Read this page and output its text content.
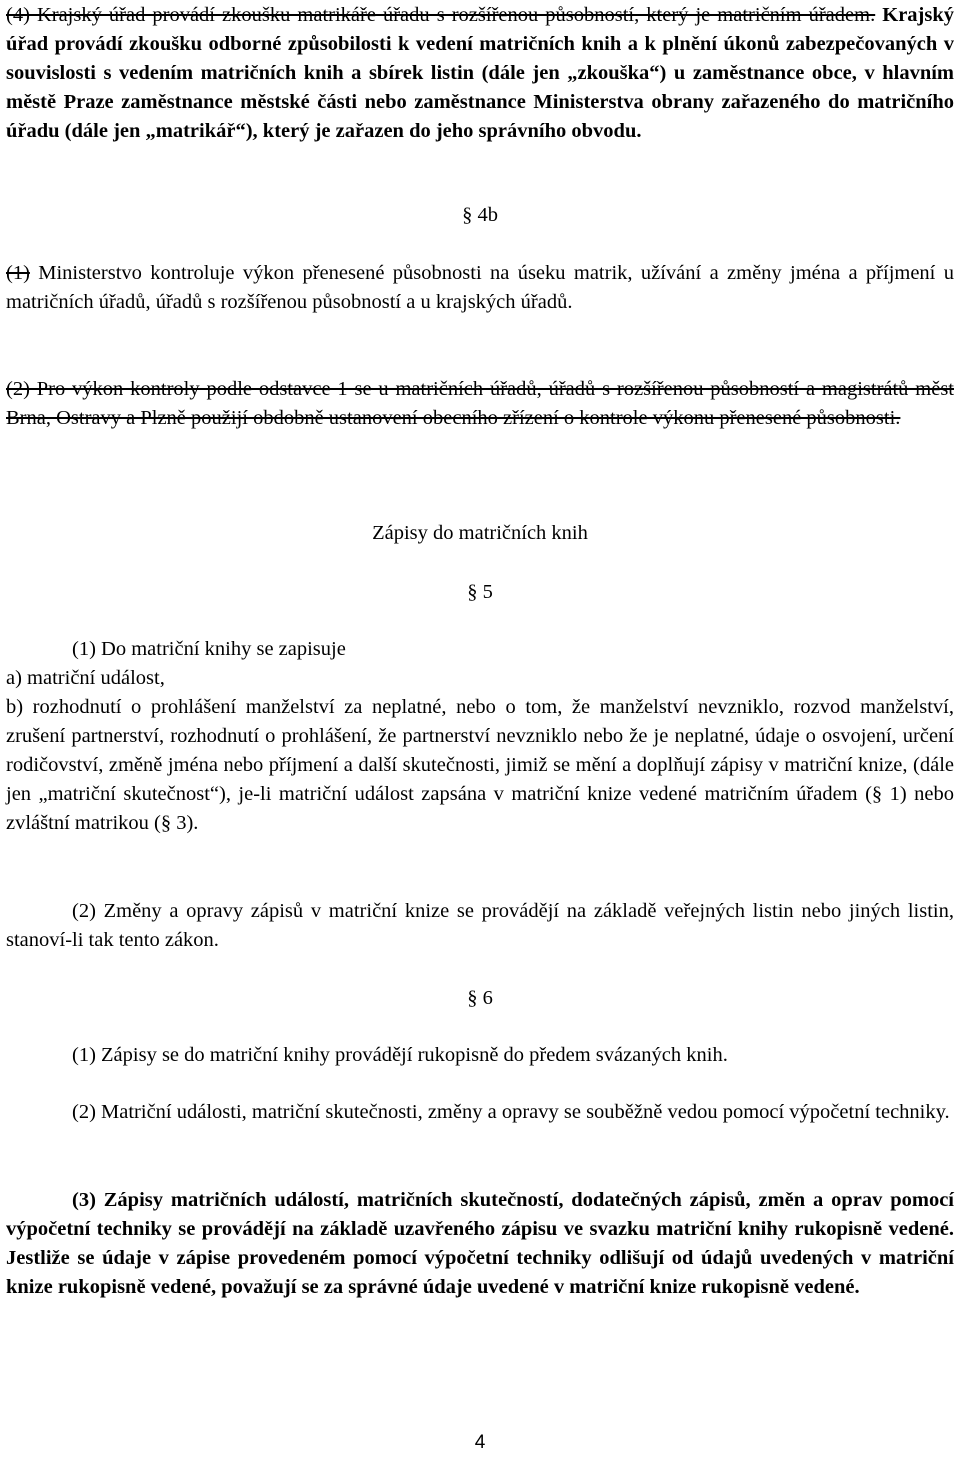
(4) Krajský úřad provádí zkoušku matrikáře úřadu s rozšířenou působností, který je matričním úřadem. Krajský úřad provádí zkoušku odborné způsobilosti k vedení matričních knih a k plnění úkonů zabezpečovaných v souvislosti s vedením matričních knih a sbírek listin (dále jen „zkouška“) u zaměstnance obce, v hlavním městě Praze zaměstnance městské části nebo zaměstnance Ministerstva obrany zařazeného do matričního úřadu (dále jen „matrikář“), který je zařazen do jeho správního obvodu.

§ 4b

(1) Ministerstvo kontroluje výkon přenesené působnosti na úseku matrik, užívání a změny jména a příjmení u matričních úřadů, úřadů s rozšířenou působností a u krajských úřadů.

(2) Pro výkon kontroly podle odstavce 1 se u matričních úřadů, úřadů s rozšířenou působností a magistrátů měst Brna, Ostravy a Plzně použijí obdobně ustanovení obecního zřízení o kontrole výkonu přenesené působnosti.

Zápisy do matričních knih
§ 5

(1) Do matriční knihy se zapisuje

a) matriční událost,

b) rozhodnutí o prohlášení manželství za neplatné, nebo o tom, že manželství nevzniklo, rozvod manželství, zrušení partnerství, rozhodnutí o prohlášení, že partnerství nevzniklo nebo že je neplatné, údaje o osvojení, určení rodičovství, změně jména nebo příjmení a další skutečnosti, jimiž se mění a doplňují zápisy v matriční knize, (dále jen „matriční skutečnost“), je-li matriční událost zapsána v matriční knize vedené matričním úřadem (§ 1) nebo zvláštní matrikou (§ 3).

(2) Změny a opravy zápisů v matriční knize se provádějí na základě veřejných listin nebo jiných listin, stanoví-li tak tento zákon.

§ 6

(1) Zápisy se do matriční knihy provádějí rukopisně do předem svázaných knih.

(2) Matriční události, matriční skutečnosti, změny a opravy se souběžně vedou pomocí výpočetní techniky.

(3) Zápisy matričních událostí, matričních skutečností, dodatečných zápisů, změn a oprav pomocí výpočetní techniky se provádějí na základě uzavřeného zápisu ve svazku matriční knihy rukopisně vedené. Jestliže se údaje v zápise provedeném pomocí výpočetní techniky odlišují od údajů uvedených v matriční knize rukopisně vedené, považují se za správné údaje uvedené v matriční knize rukopisně vedené.

4
